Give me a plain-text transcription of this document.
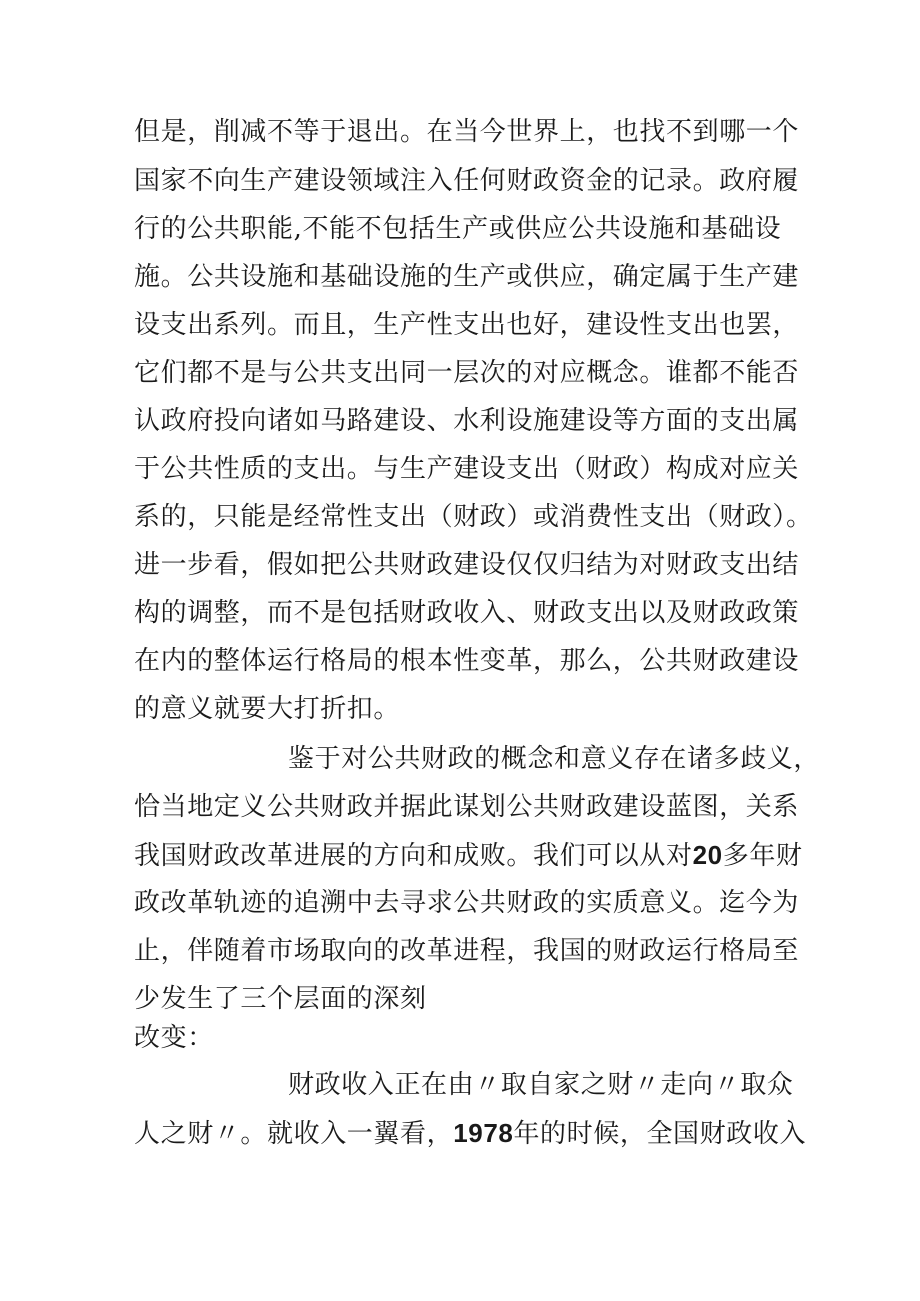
但是，削减不等于退出。在当今世界上，也找不到哪一个
国家不向生产建设领域注入任何财政资金的记录。政府履
行的公共职能,不能不包括生产或供应公共设施和基础设
施。公共设施和基础设施的生产或供应，确定属于生产建
设支出系列。而且，生产性支出也好，建设性支出也罢，
它们都不是与公共支出同一层次的对应概念。谁都不能否
认政府投向诸如马路建设、水利设施建设等方面的支出属
于公共性质的支出。与生产建设支出（财政）构成对应关
系的，只能是经常性支出（财政）或消费性支出（财政）。
进一步看，假如把公共财政建设仅仅归结为对财政支出结
构的调整，而不是包括财政收入、财政支出以及财政政策
在内的整体运行格局的根本性变革，那么，公共财政建设
的意义就要大打折扣。
鉴于对公共财政的概念和意义存在诸多歧义，
恰当地定义公共财政并据此谋划公共财政建设蓝图，关系
我国财政改革进展的方向和成败。我们可以从对20多年财
政改革轨迹的追溯中去寻求公共财政的实质意义。迄今为
止，伴随着市场取向的改革进程，我国的财政运行格局至
少发生了三个层面的深刻
改变：
财政收入正在由〃取自家之财〃走向〃取众
人之财〃。就收入一翼看，1978年的时候，全国财政收入
